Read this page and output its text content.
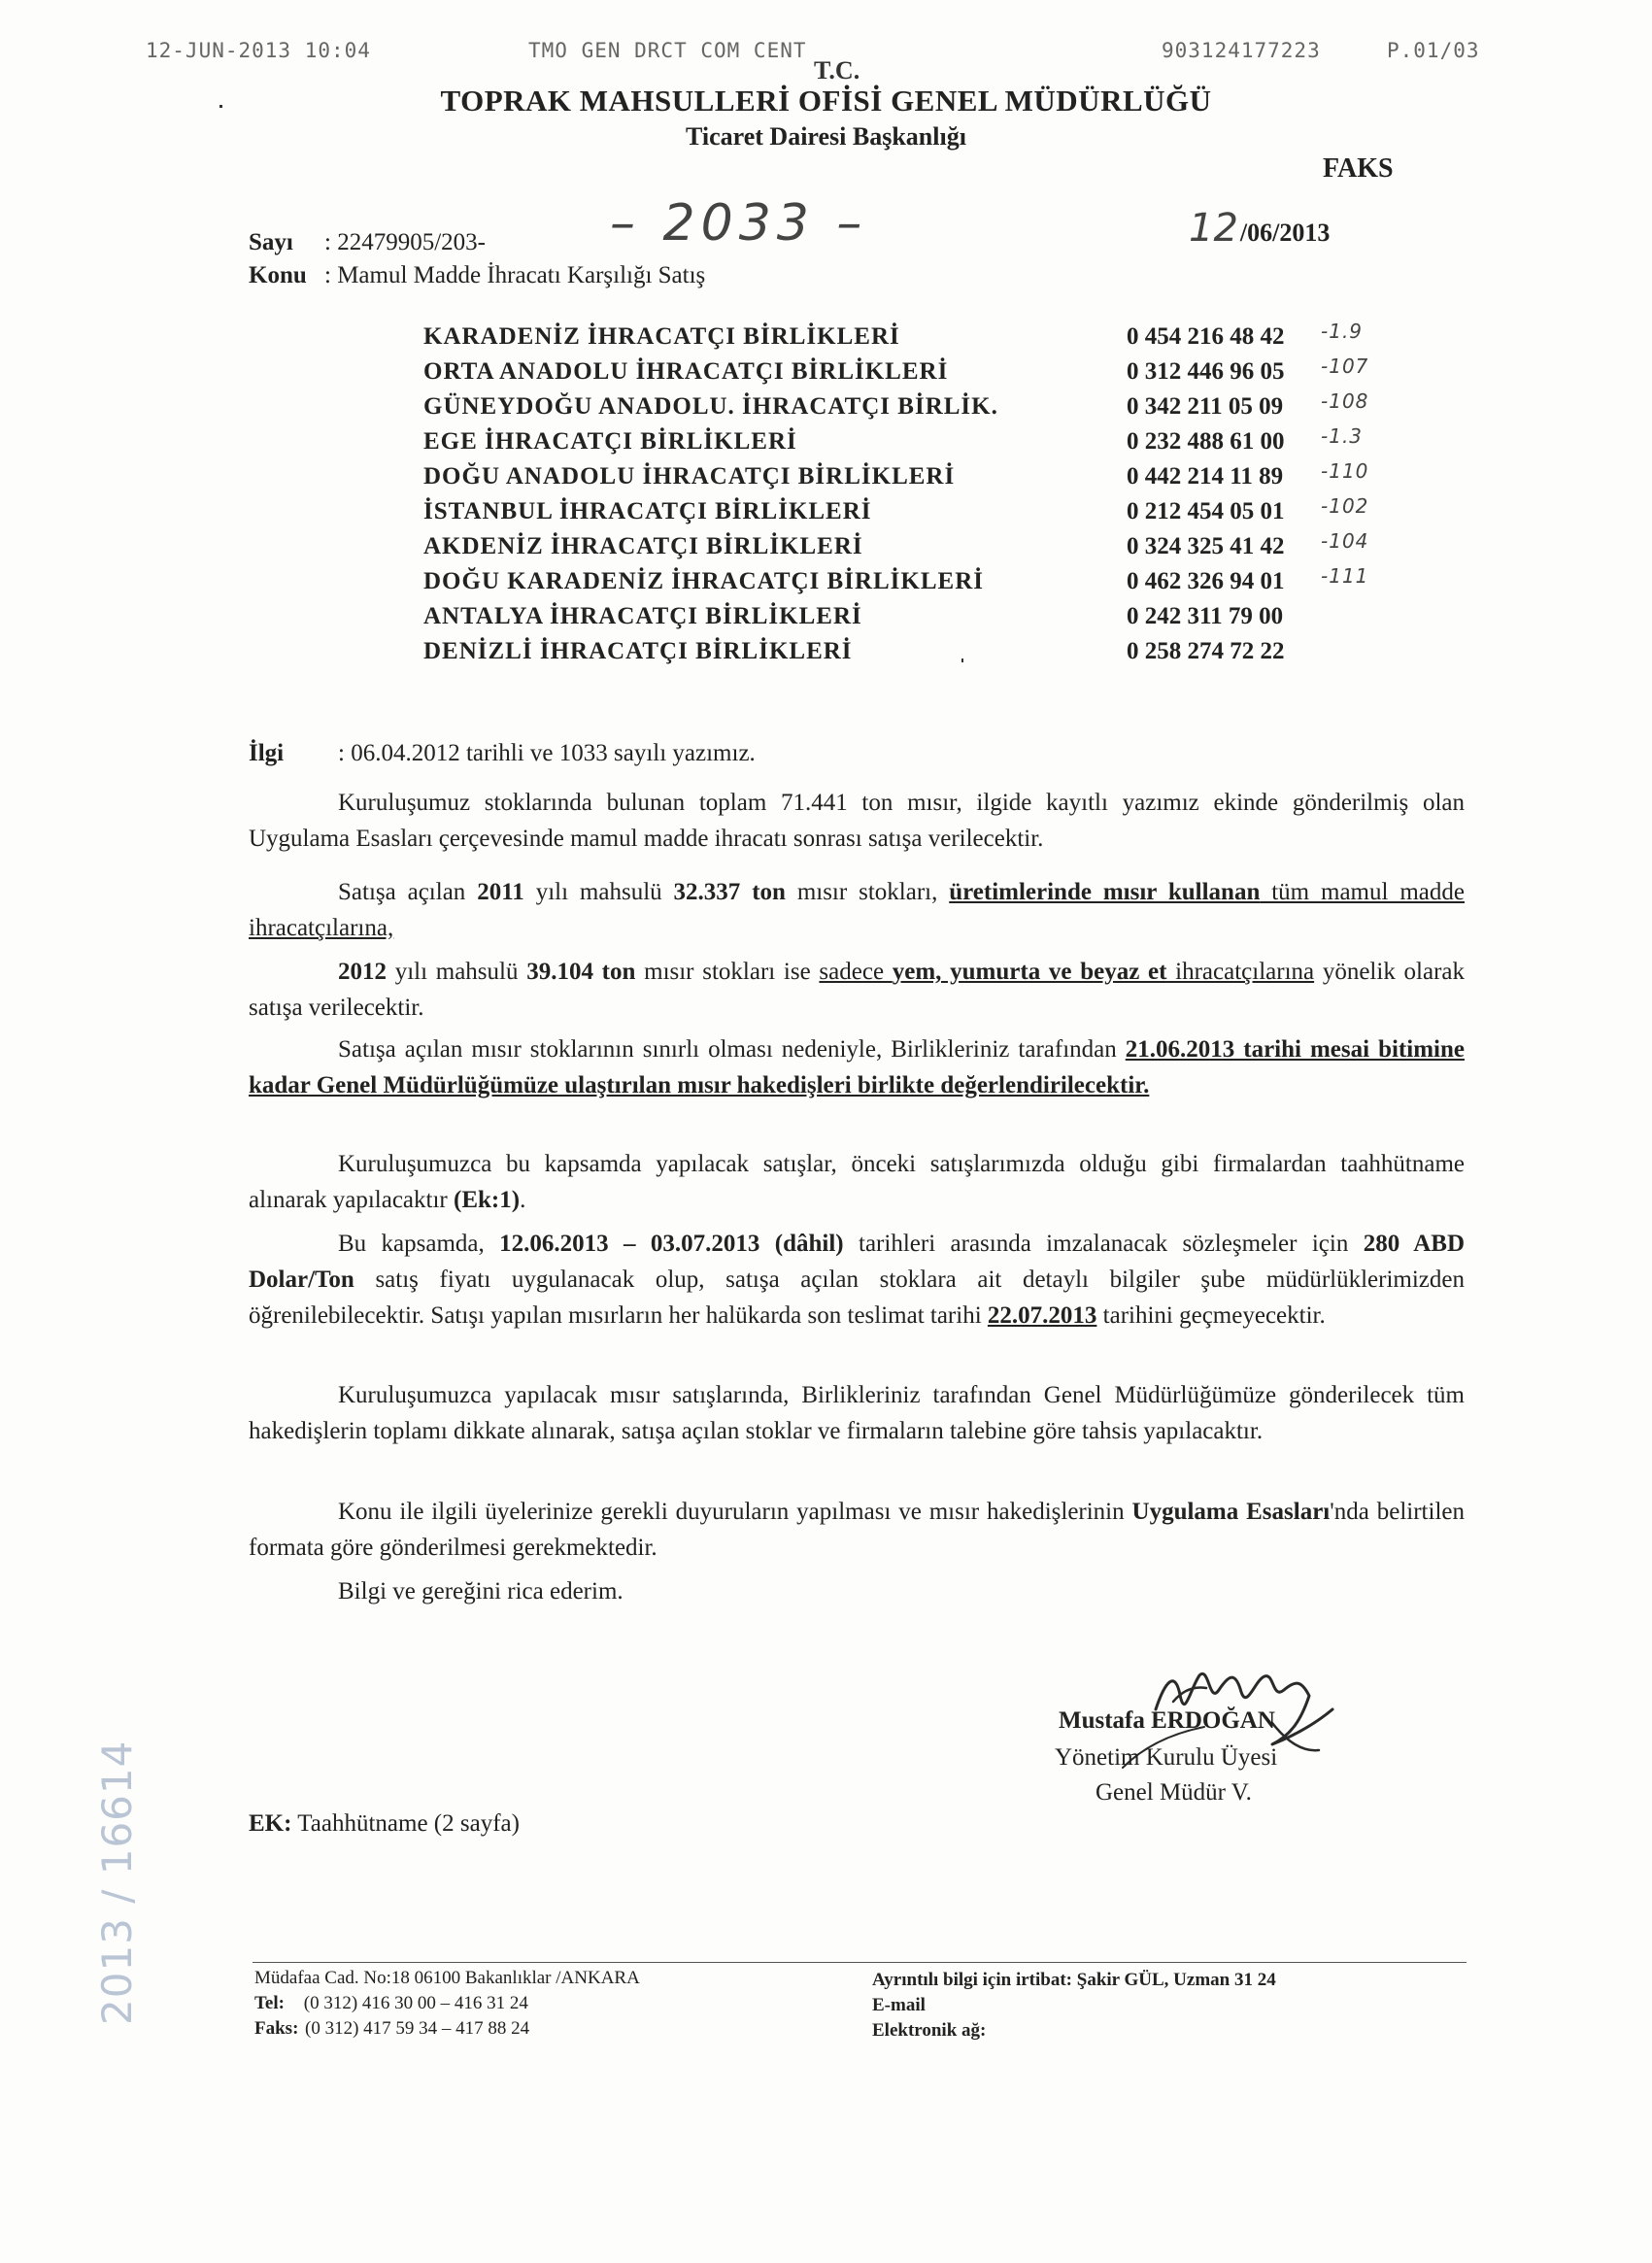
12-JUN-2013 10:04	TMO GEN DRCT COM CENT	903124177223	P.01/03
T.C.
TOPRAK MAHSULLERİ OFİSİ GENEL MÜDÜRLÜĞÜ
Ticaret Dairesi Başkanlığı
FAKS
Sayı : 22479905/203- – 2033 –	12/06/2013
Konu : Mamul Madde İhracatı Karşılığı Satış
KARADENİZ İHRACATÇI BİRLİKLERİ	0 454 216 48 42 -1.9
ORTA ANADOLU İHRACATÇI BİRLİKLERİ	0 312 446 96 05 -107
GÜNEYDOĞU ANADOLU. İHRACATÇI BİRLİK.	0 342 211 05 09 -108
EGE İHRACATÇI BİRLİKLERİ	0 232 488 61 00 -1.3
DOĞU ANADOLU İHRACATÇI BİRLİKLERİ	0 442 214 11 89 -110
İSTANBUL İHRACATÇI BİRLİKLERİ	0 212 454 05 01 -102
AKDENİZ İHRACATÇI BİRLİKLERİ	0 324 325 41 42 -104
DOĞU KARADENİZ İHRACATÇI BİRLİKLERİ	0 462 326 94 01 -111
ANTALYA İHRACATÇI BİRLİKLERİ	0 242 311 79 00
DENİZLİ İHRACATÇI BİRLİKLERİ	0 258 274 72 22
İlgi : 06.04.2012 tarihli ve 1033 sayılı yazımız.
Kuruluşumuz stoklarında bulunan toplam 71.441 ton mısır, ilgide kayıtlı yazımız ekinde gönderilmiş olan Uygulama Esasları çerçevesinde mamul madde ihracatı sonrası satışa verilecektir.
Satışa açılan 2011 yılı mahsulü 32.337 ton mısır stokları, üretimlerinde mısır kullanan tüm mamul madde ihracatçılarına,
2012 yılı mahsulü 39.104 ton mısır stokları ise sadece yem, yumurta ve beyaz et ihracatçılarına yönelik olarak satışa verilecektir.
Satışa açılan mısır stoklarının sınırlı olması nedeniyle, Birlikleriniz tarafından 21.06.2013 tarihi mesai bitimine kadar Genel Müdürlüğümüze ulaştırılan mısır hakedişleri birlikte değerlendirilecektir.
Kuruluşumuzca bu kapsamda yapılacak satışlar, önceki satışlarımızda olduğu gibi firmalardan taahhütname alınarak yapılacaktır (Ek:1).
Bu kapsamda, 12.06.2013 – 03.07.2013 (dâhil) tarihleri arasında imzalanacak sözleşmeler için 280 ABD Dolar/Ton satış fiyatı uygulanacak olup, satışa açılan stoklara ait detaylı bilgiler şube müdürlüklerimizden öğrenilebilecektir. Satışı yapılan mısırların her halükarda son teslimat tarihi 22.07.2013 tarihini geçmeyecektir.
Kuruluşumuzca yapılacak mısır satışlarında, Birlikleriniz tarafından Genel Müdürlüğümüze gönderilecek tüm hakedişlerin toplamı dikkate alınarak, satışa açılan stoklar ve firmaların talebine göre tahsis yapılacaktır.
Konu ile ilgili üyelerinize gerekli duyuruların yapılması ve mısır hakedişlerinin Uygulama Esasları'nda belirtilen formata göre gönderilmesi gerekmektedir.
Bilgi ve gereğini rica ederim.
Mustafa ERDOĞAN
Yönetim Kurulu Üyesi
Genel Müdür V.
EK: Taahhütname (2 sayfa)
Müdafaa Cad. No:18 06100 Bakanlıklar /ANKARA
Tel: (0 312) 416 30 00 – 416 31 24
Faks: (0 312) 417 59 34 – 417 88 24
Ayrıntılı bilgi için irtibat: Şakir GÜL, Uzman 31 24
E-mail
Elektronik ağ:
2013 / 16614
